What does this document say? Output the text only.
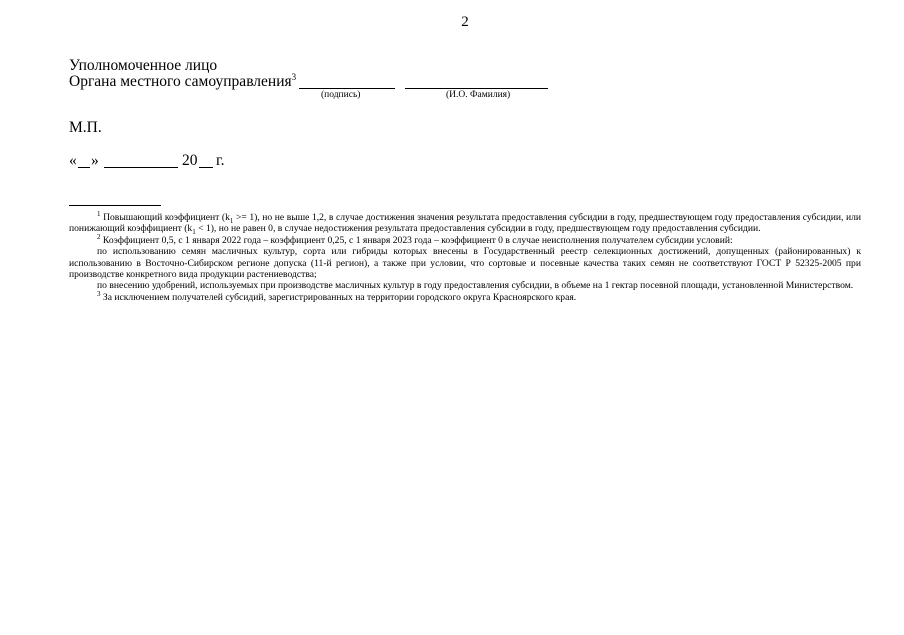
2
Уполномоченное лицо
Органа местного самоуправления$^3$
(подпись)	(И.О. Фамилия)
М.П.
« »	20 г.

$^1$ Повышающий коэффициент $(k_1 >= 1)$, но не выше 1,2, в случае достижения значения результата предоставления субсидии в году, предшествующем году предоставления субсидии, или понижающий коэффициент $(k_1 < 1)$, но не равен 0, в случае недостижения результата предоставления субсидии в году, предшествующем году предоставления субсидии.

$^2$ Коэффициент 0,5, с 1 января 2022 года – коэффициент 0,25, с 1 января 2023 года – коэффициент 0 в случае неисполнения получателем субсидии условий:

по использованию семян масличных культур, сорта или гибриды которых внесены в Государственный реестр селекционных достижений, допущенных (районированных) к использованию в Восточно-Сибирском регионе допуска (11-й регион), а также при условии, что сортовые и посевные качества таких семян не соответствуют ГОСТ Р 52325-2005 при производстве конкретного вида продукции растениеводства;

по внесению удобрений, используемых при производстве масличных культур в году предоставления субсидии, в объеме на 1 гектар посевной площади, установленной Министерством.

$^3$ За исключением получателей субсидий, зарегистрированных на территории городского округа Красноярского края.
